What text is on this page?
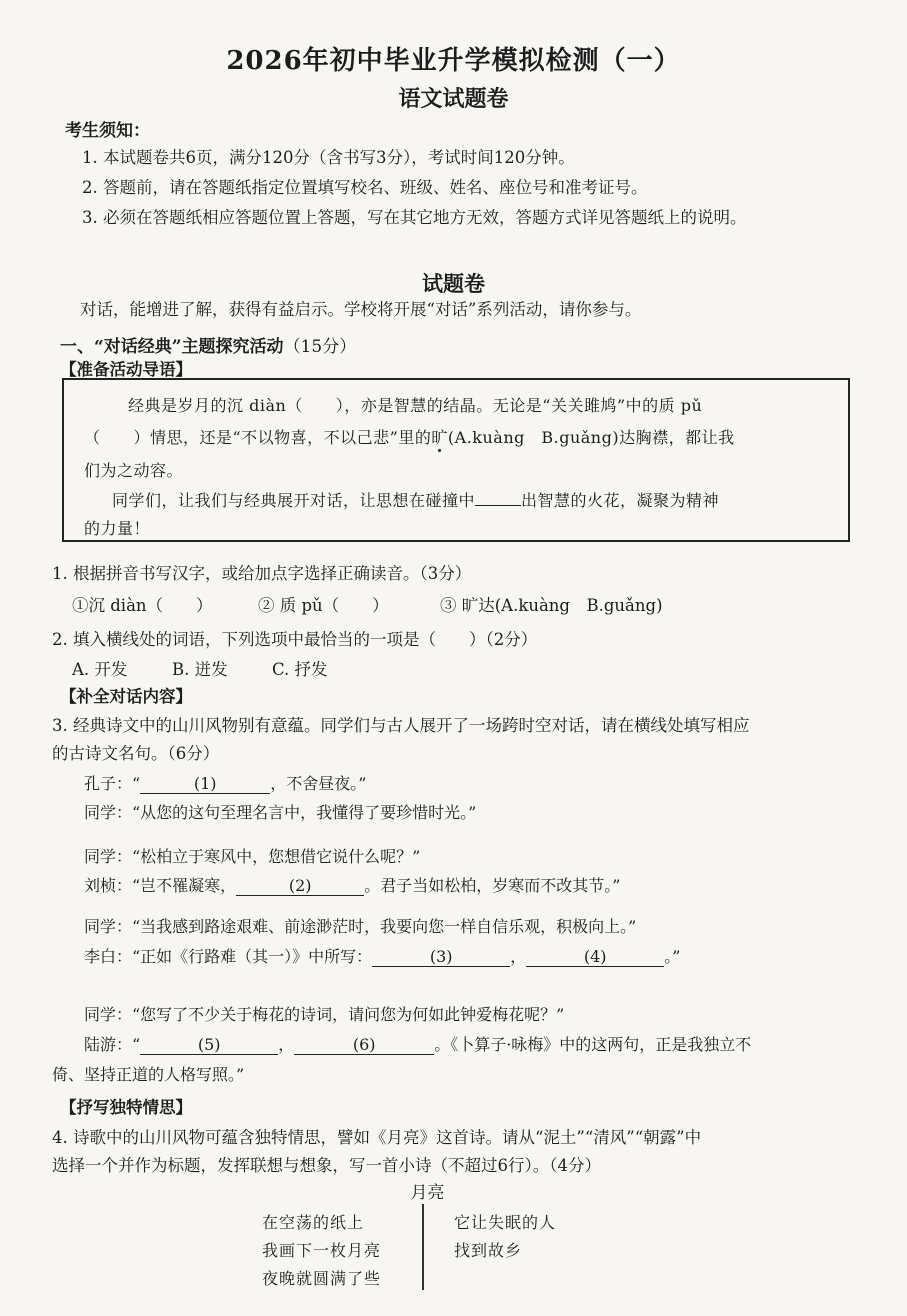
2026年初中毕业升学模拟检测（一）
语文试题卷
考生须知：
1. 本试题卷共6页，满分120分（含书写3分），考试时间120分钟。
2. 答题前，请在答题纸指定位置填写校名、班级、姓名、座位号和准考证号。
3. 必须在答题纸相应答题位置上答题，写在其它地方无效，答题方式详见答题纸上的说明。
试题卷
对话，能增进了解，获得有益启示。学校将开展“对话”系列活动，请你参与。
一、“对话经典”主题探究活动（15分）
【准备活动导语】
经典是岁月的沉 diàn（　　），亦是智慧的结晶。无论是“关关雎鸠”中的质 pǔ
（　　）情思，还是“不以物喜，不以己悲”里的旷(A.kuàng　B.guǎng)达胸襟，都让我
们为之动容。
同学们，让我们与经典展开对话，让思想在碰撞中	出智慧的火花，凝聚为精神
的力量！
1. 根据拼音书写汉字，或给加点字选择正确读音。（3分）
①沉 diàn（　　）	② 质 pǔ（　　）	③ 旷达(A.kuàng　B.guǎng)
2. 填入横线处的词语，下列选项中最恰当的一项是（　　）（2分）
A. 开发	B. 迸发	C. 抒发
【补全对话内容】
3. 经典诗文中的山川风物别有意蕴。同学们与古人展开了一场跨时空对话，请在横线处填写相应
的古诗文名句。（6分）
孔子：“	(1)	，不舍昼夜。”
同学：“从您的这句至理名言中，我懂得了要珍惜时光。”
同学：“松柏立于寒风中，您想借它说什么呢？”
刘桢：“岂不罹凝寒，	(2)	。君子当如松柏，岁寒而不改其节。”
同学：“当我感到路途艰难、前途渺茫时，我要向您一样自信乐观，积极向上。”
李白：“正如《行路难（其一）》中所写：	(3)	，	(4)	。”
同学：“您写了不少关于梅花的诗词，请问您为何如此钟爱梅花呢？”
陆游：“	(5)	，	(6)	。《卜算子·咏梅》中的这两句，正是我独立不
倚、坚持正道的人格写照。”
【抒写独特情思】
4. 诗歌中的山川风物可蕴含独特情思，譬如《月亮》这首诗。请从“泥土”“清风”“朝露”中
选择一个并作为标题，发挥联想与想象，写一首小诗（不超过6行）。（4分）
月亮
在空荡的纸上
我画下一枚月亮
夜晚就圆满了些
它让失眠的人
找到故乡
